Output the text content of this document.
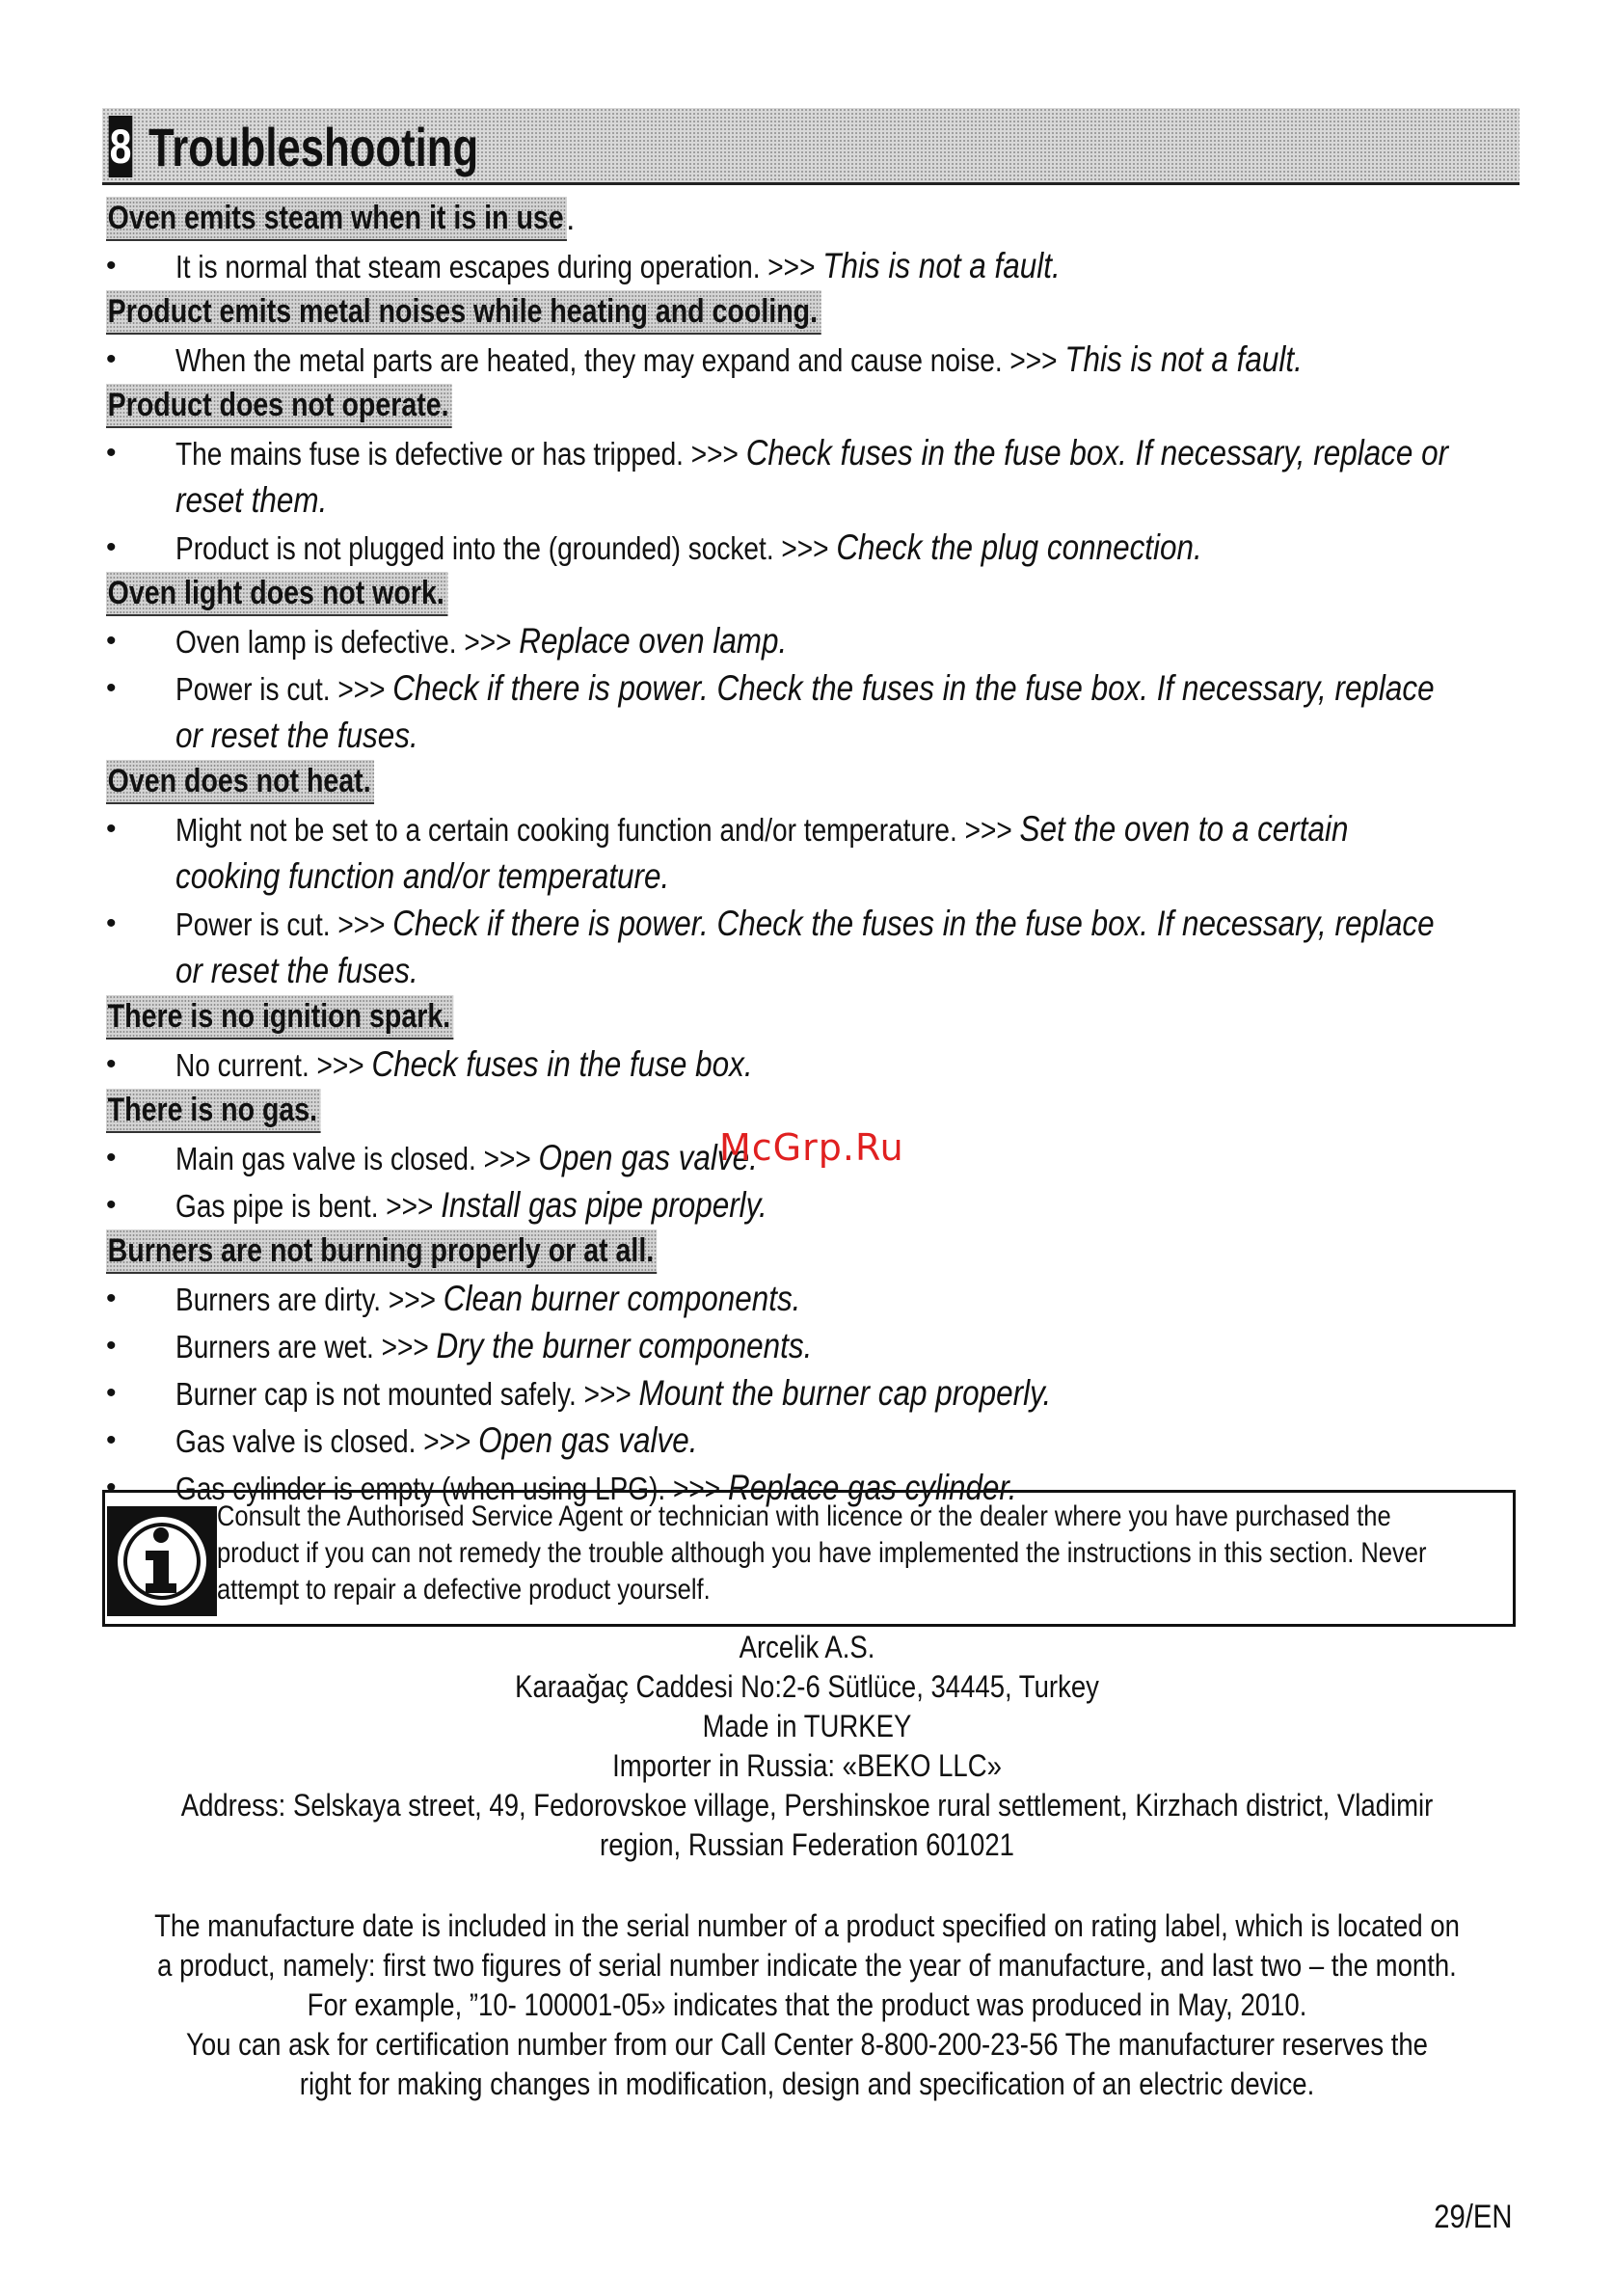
8 Troubleshooting
Oven emits steam when it is in use .
• It is normal that steam escapes during operation. >>> This is not a fault.
Product emits metal noises while heating and cooling.
• When the metal parts are heated, they may expand and cause noise. >>> This is not a fault.
Product does not operate.
• The mains fuse is defective or has tripped. >>> Check fuses in the fuse box. If necessary, replace or reset them.
• Product is not plugged into the (grounded) socket. >>> Check the plug connection.
Oven light does not work.
• Oven lamp is defective. >>> Replace oven lamp.
• Power is cut. >>> Check if there is power. Check the fuses in the fuse box. If necessary, replace or reset the fuses.
Oven does not heat.
• Might not be set to a certain cooking function and/or temperature. >>> Set the oven to a certain cooking function and/or temperature.
• Power is cut. >>> Check if there is power. Check the fuses in the fuse box. If necessary, replace or reset the fuses.
There is no ignition spark.
• No current. >>> Check fuses in the fuse box.
There is no gas.
• Main gas valve is closed. >>> Open gas valve.
• Gas pipe is bent. >>> Install gas pipe properly.
Burners are not burning properly or at all.
• Burners are dirty. >>> Clean burner components.
• Burners are wet. >>> Dry the burner components.
• Burner cap is not mounted safely. >>> Mount the burner cap properly.
• Gas valve is closed. >>> Open gas valve.
• Gas cylinder is empty (when using LPG). >>> Replace gas cylinder.
McGrp.Ru
Consult the Authorised Service Agent or technician with licence or the dealer where you have purchased the
product if you can not remedy the trouble although you have implemented the instructions in this section. Never
attempt to repair a defective product yourself.
Arcelik A.S.
Karaağaç Caddesi No:2-6 Sütlüce, 34445, Turkey
Made in TURKEY
Importer in Russia: «BEKO LLC»
Address: Selskaya street, 49, Fedorovskoe village, Pershinskoe rural settlement, Kirzhach district, Vladimir
region, Russian Federation 601021
The manufacture date is included in the serial number of a product specified on rating label, which is located on
a product, namely: first two figures of serial number indicate the year of manufacture, and last two – the month.
For example, ”10- 100001-05» indicates that the product was produced in May, 2010.
You can ask for certification number from our Call Center 8-800-200-23-56 The manufacturer reserves the
right for making changes in modification, design and specification of an electric device.
29/EN
